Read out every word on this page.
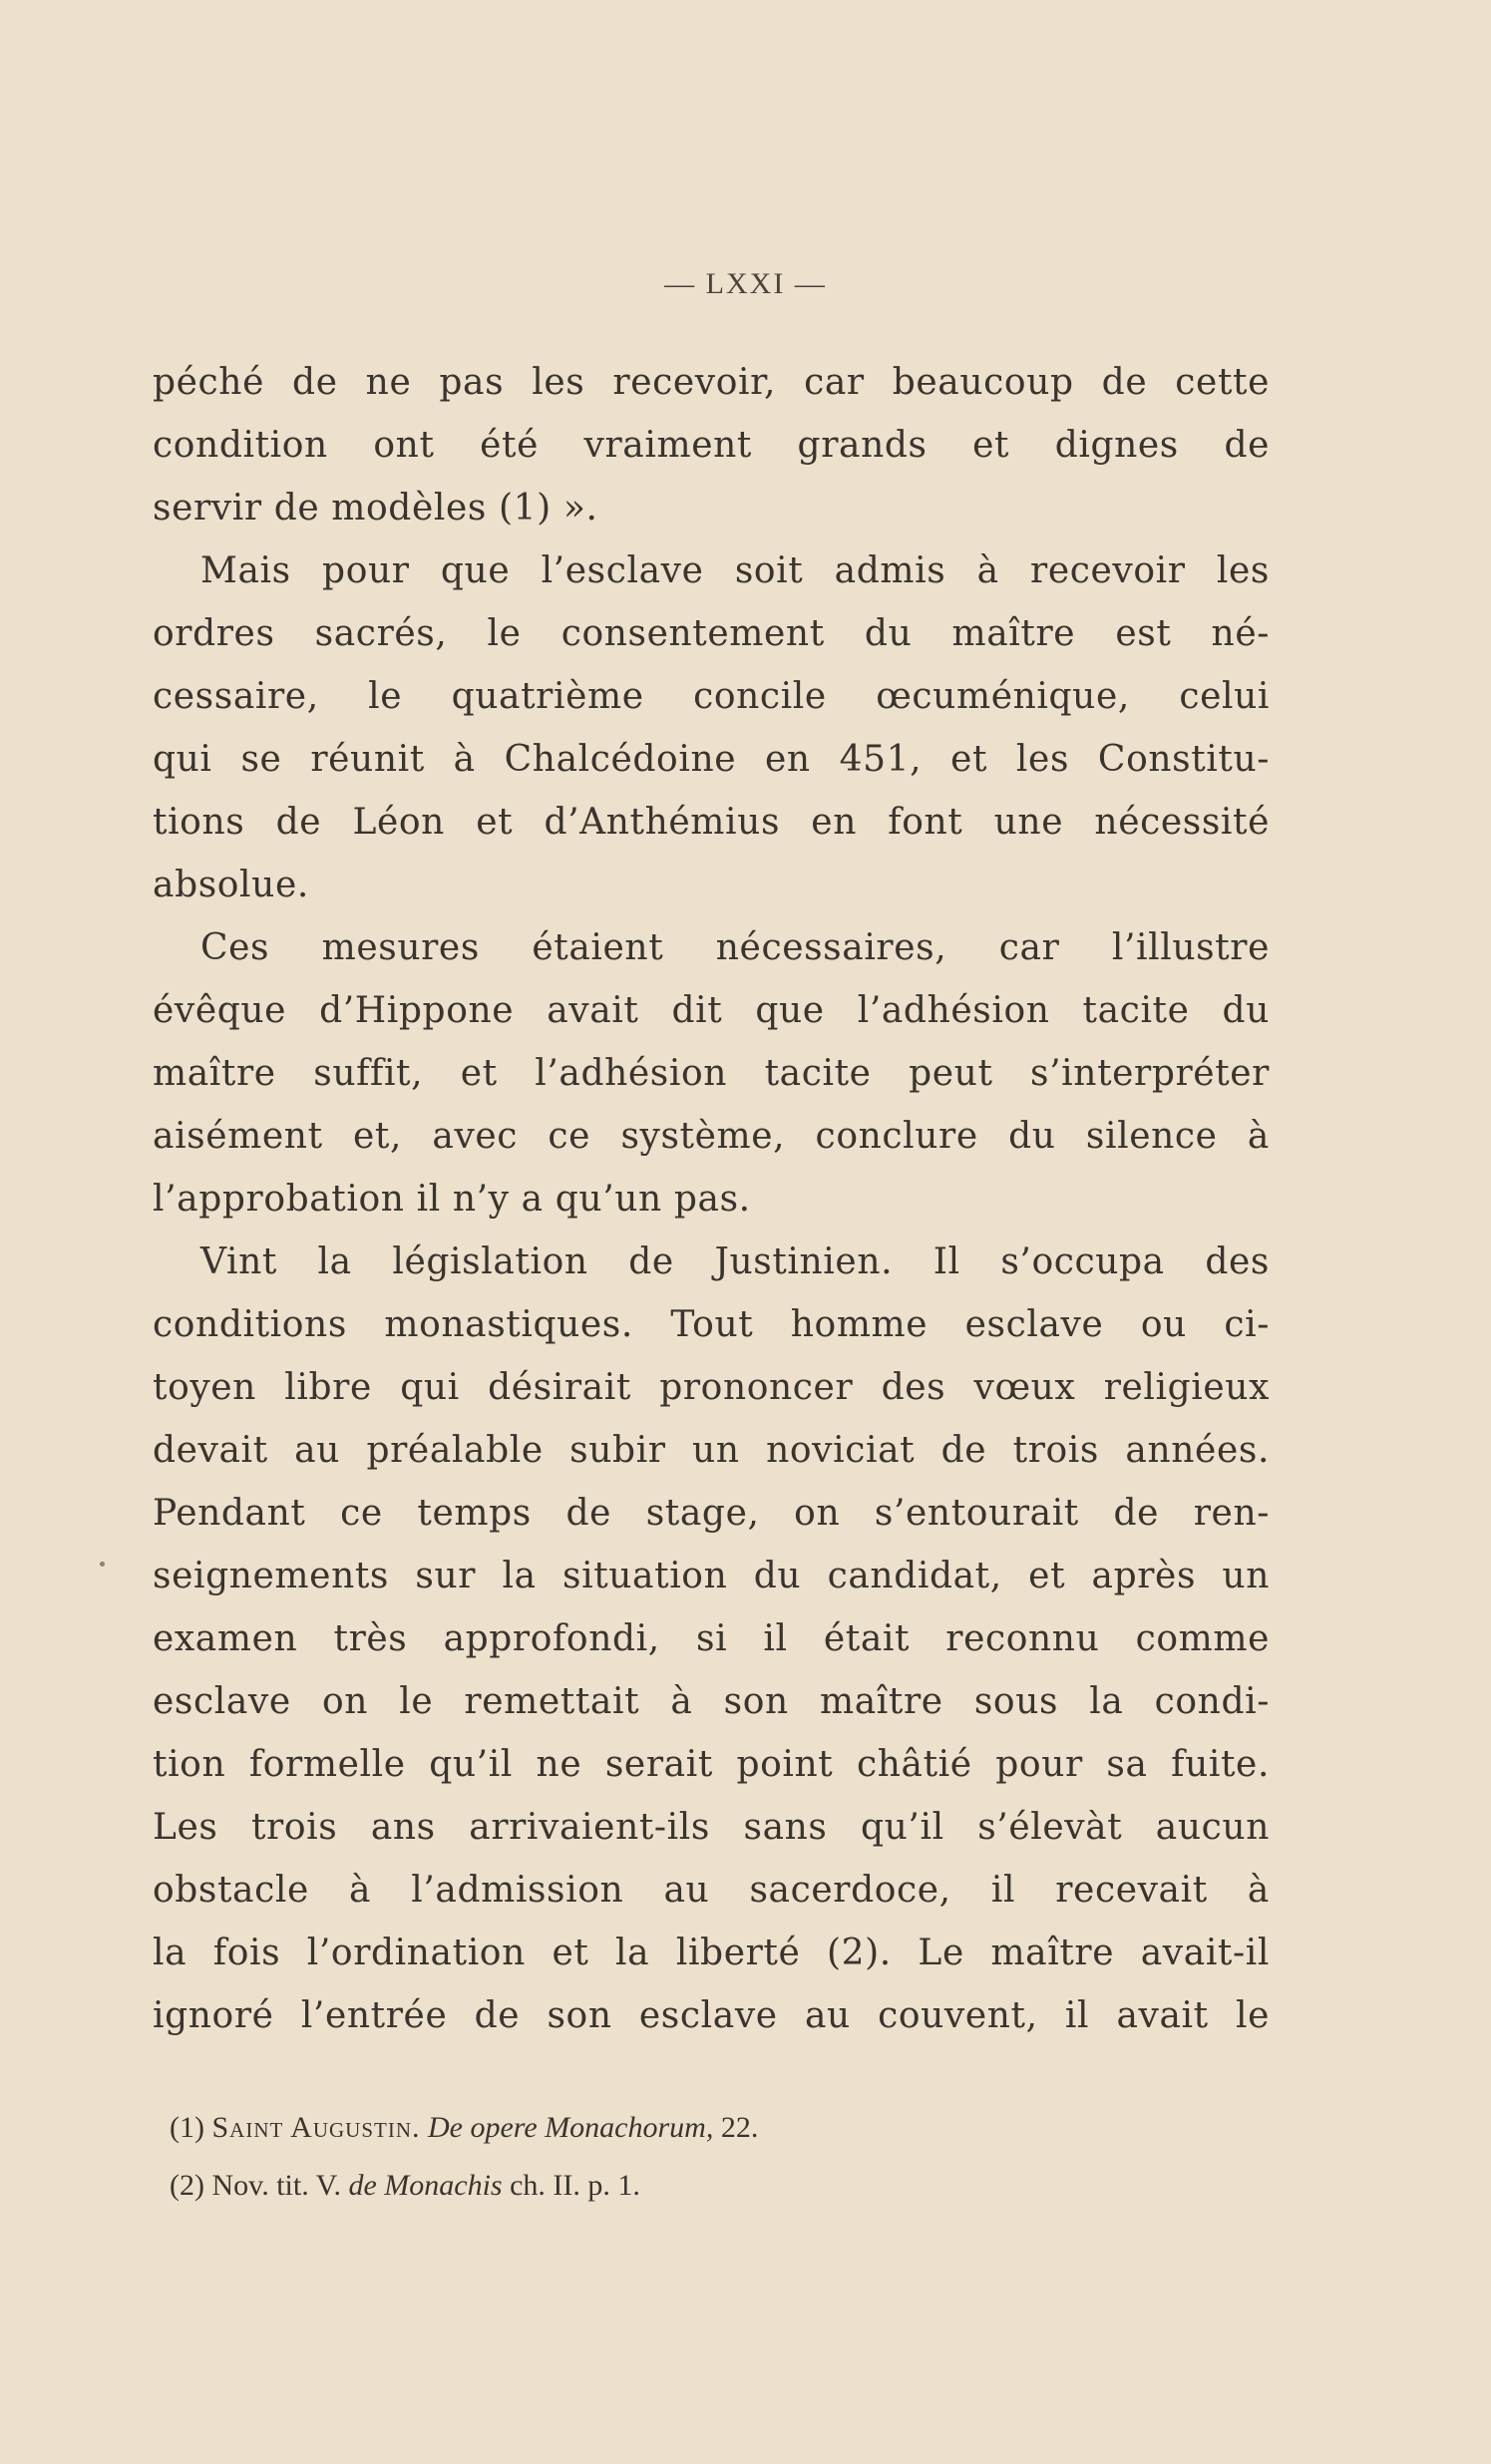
— LXXI —
péché de ne pas les recevoir, car beaucoup de cette
condition ont été vraiment grands et dignes de
servir de modèles (1) ».
Mais pour que l’esclave soit admis à recevoir les
ordres sacrés, le consentement du maître est né-
cessaire, le quatrième concile œcuménique, celui
qui se réunit à Chalcédoine en 451, et les Constitu-
tions de Léon et d’Anthémius en font une nécessité
absolue.
Ces mesures étaient nécessaires, car l’illustre
évêque d’Hippone avait dit que l’adhésion tacite du
maître suffit, et l’adhésion tacite peut s’interpréter
aisément et, avec ce système, conclure du silence à
l’approbation il n’y a qu’un pas.
Vint la législation de Justinien. Il s’occupa des
conditions monastiques. Tout homme esclave ou ci-
toyen libre qui désirait prononcer des vœux religieux
devait au préalable subir un noviciat de trois années.
Pendant ce temps de stage, on s’entourait de ren-
seignements sur la situation du candidat, et après un
examen très approfondi, si il était reconnu comme
esclave on le remettait à son maître sous la condi-
tion formelle qu’il ne serait point châtié pour sa fuite.
Les trois ans arrivaient-ils sans qu’il s’élevàt aucun
obstacle à l’admission au sacerdoce, il recevait à
la fois l’ordination et la liberté (2). Le maître avait-il
ignoré l’entrée de son esclave au couvent, il avait le
(1) Saint Augustin. De opere Monachorum, 22.
(2) Nov. tit. V. de Monachis ch. II. p. 1.
